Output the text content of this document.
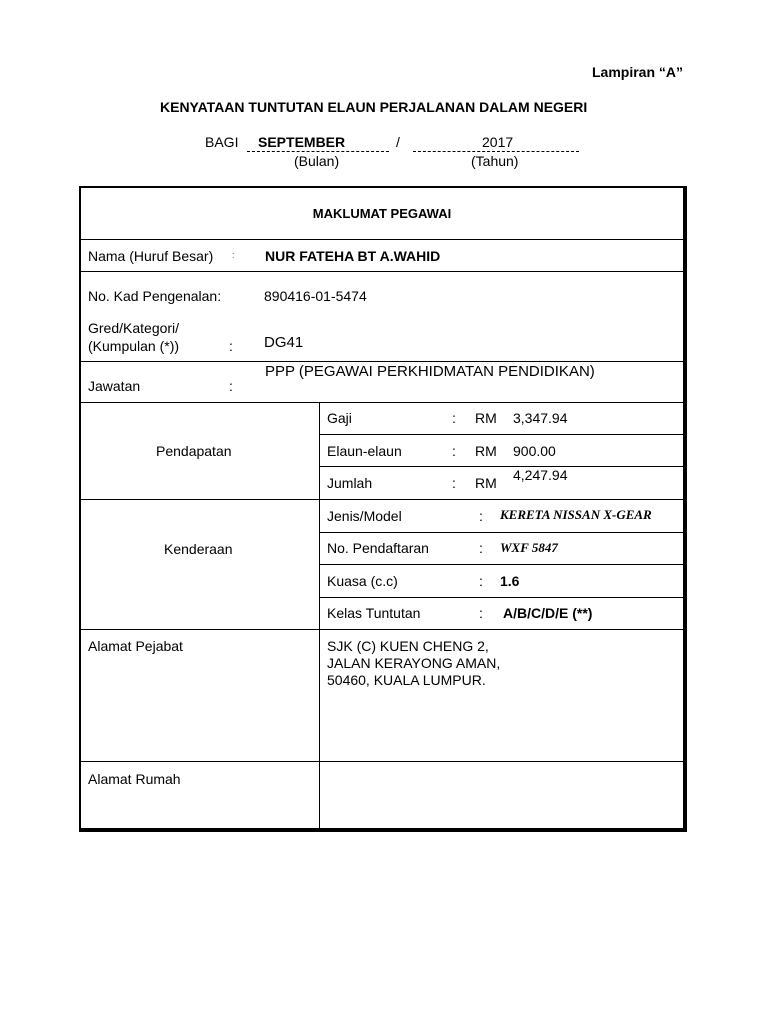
Lampiran “A”
KENYATAAN TUNTUTAN ELAUN PERJALANAN DALAM NEGERI
BAGI SEPTEMBER	/	2017
(Bulan)	(Tahun)
MAKLUMAT PEGAWAI
Nama (Huruf Besar) : NUR FATEHA BT A.WAHID
No. Kad Pengenalan:	890416-01-5474
Gred/Kategori/
(Kumpulan (*))	: DG41
Jawatan	:
PPP (PEGAWAI PERKHIDMATAN PENDIDIKAN)
Pendapatan
Gaji	: RM 3,347.94
Elaun-elaun	: RM 900.00
Jumlah	: RM 4,247.94
Kenderaan
Jenis/Model	: KERETA NISSAN X-GEAR
No. Pendaftaran	: WXF 5847
Kuasa (c.c)	: 1.6
Kelas Tuntutan	: A/B/C/D/E (**)
Alamat Pejabat	SJK (C) KUEN CHENG 2,
JALAN KERAYONG AMAN,
50460, KUALA LUMPUR.
Alamat Rumah
